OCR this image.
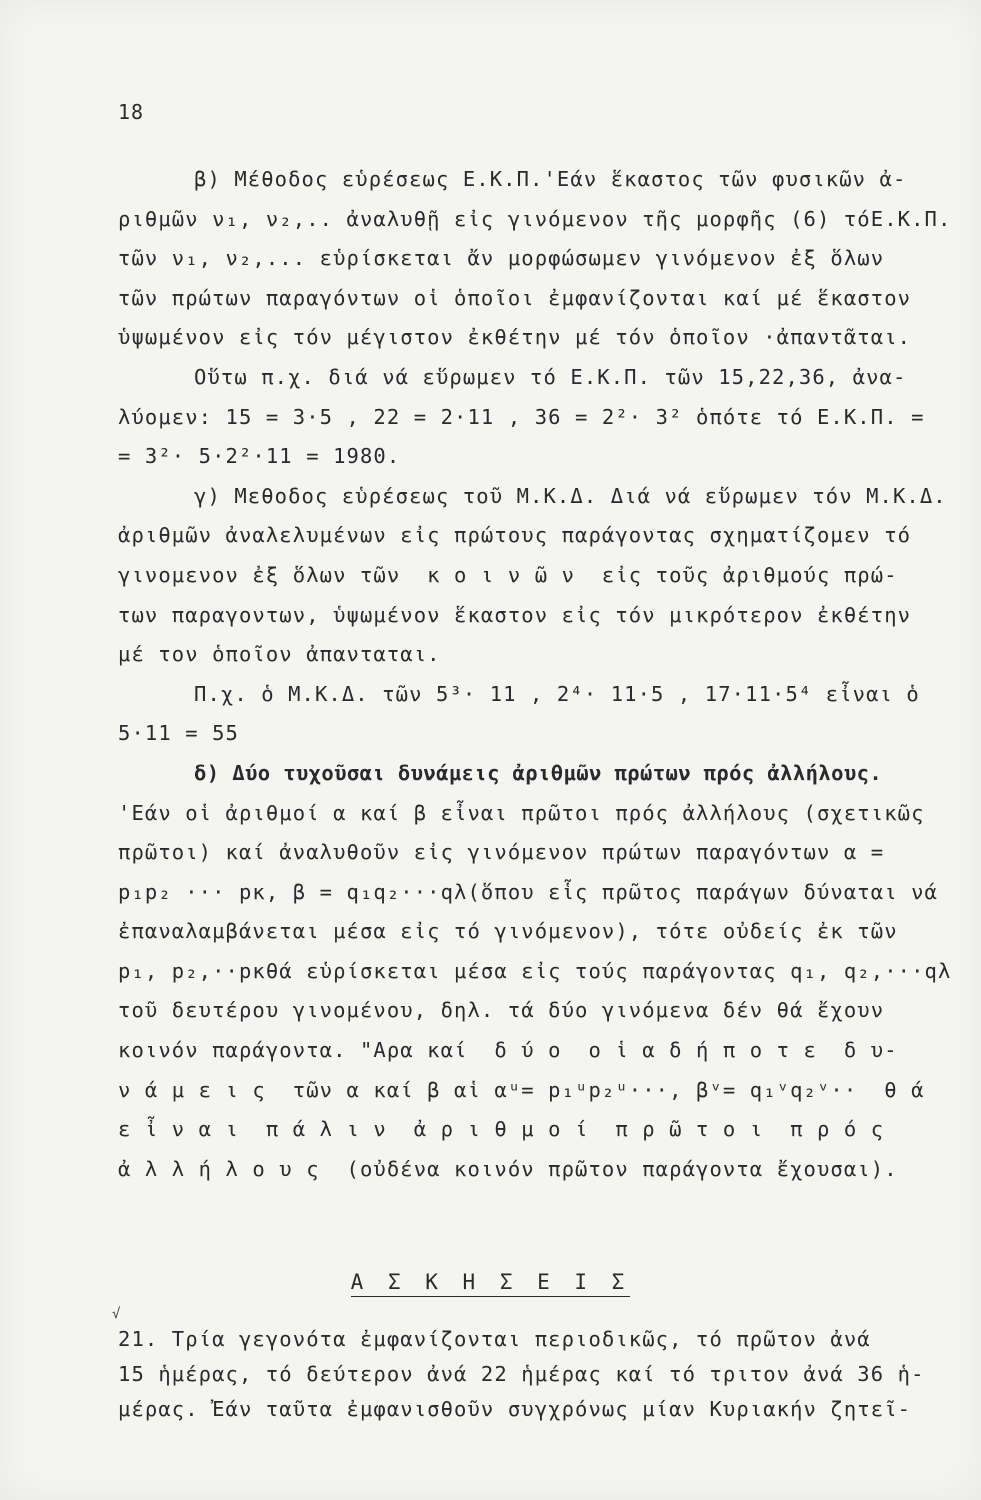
18
β) Μέθοδος εὑρέσεως Ε.Κ.Π.'Εάν ἕκαστος τῶν φυσικῶν ἀ-
ριθμῶν ν₁, ν₂,.. ἀναλυθῇ εἰς γινόμενον τῆς μορφῆς (6) τόΕ.Κ.Π.
τῶν ν₁, ν₂,... εὑρίσκεται ἄν μορφώσωμεν γινόμενον ἐξ ὅλων
τῶν πρώτων παραγόντων οἱ ὁποῖοι ἐμφανίζονται καί μέ ἕκαστον
ὑψωμένον εἰς τόν μέγιστον ἐκθέτην μέ τόν ὁποῖον ·ἀπαντᾶται.
Οὕτω π.χ. διά νά εὕρωμεν τό Ε.Κ.Π. τῶν 15,22,36, ἀνα-
λύομεν: 15 = 3·5 , 22 = 2·11 , 36 = 2²· 3² ὁπότε τό Ε.Κ.Π. =
= 3²· 5·2²·11 = 1980.
γ) Μεθοδος εὑρέσεως τοῦ Μ.Κ.Δ. Διά νά εὕρωμεν τόν Μ.Κ.Δ.
ἀριθμῶν ἀναλελυμένων εἰς πρώτους παράγοντας σχηματίζομεν τό
γινομενον ἐξ ὅλων τῶν  κ ο ι ν ῶ ν  εἰς τοῦς ἀριθμούς πρώ-
των παραγοντων, ὑψωμένον ἕκαστον εἰς τόν μικρότερον ἐκθέτην
μέ τον ὁποῖον ἀπανταται.
Π.χ. ὁ Μ.Κ.Δ. τῶν 5³· 11 , 2⁴· 11·5 , 17·11·5⁴ εἶναι ὁ
5·11 = 55
δ) Δύο τυχοῦσαι δυνάμεις ἀριθμῶν πρώτων πρός ἀλλήλους.
'Εάν οἱ ἀριθμοί α καί β εἶναι πρῶτοι πρός ἀλλήλους (σχετικῶς
πρῶτοι) καί ἀναλυθοῦν εἰς γινόμενον πρώτων παραγόντων α =
p₁p₂ ··· pκ, β = q₁q₂···qλ(ὅπου εἷς πρῶτος παράγων δύναται νά
ἐπαναλαμβάνεται μέσα εἰς τό γινόμενον), τότε οὐδείς ἐκ τῶν
p₁, p₂,··pκθά εὑρίσκεται μέσα εἰς τούς παράγοντας q₁, q₂,···qλ
τοῦ δευτέρου γινομένου, δηλ. τά δύο γινόμενα δέν θά ἔχουν
κοινόν παράγοντα. "Αρα καί  δ ύ ο  ο ἱ α δ ή π ο τ ε  δ υ-
ν ά μ ε ι ς  τῶν α καί β αἱ αᵘ= p₁ᵘp₂ᵘ···, βᵛ= q₁ᵛq₂ᵛ··  θ ά
ε ἶ ν α ι  π ά λ ι ν  ἀ ρ ι θ μ ο ί  π ρ ῶ τ ο ι  π ρ ό ς
ἀ λ λ ή λ ο υ ς  (οὐδένα κοινόν πρῶτον παράγοντα ἔχουσαι).
Α Σ Κ Η Σ Ε Ι Σ
√
21. Τρία γεγονότα ἐμφανίζονται περιοδικῶς, τό πρῶτον ἀνά
15 ἡμέρας, τό δεύτερον ἀνά 22 ἡμέρας καί τό τριτον ἀνά 36 ἡ-
μέρας. Ἐάν ταῦτα ἐμφανισθοῦν συγχρόνως μίαν Κυριακήν ζητεῖ-
